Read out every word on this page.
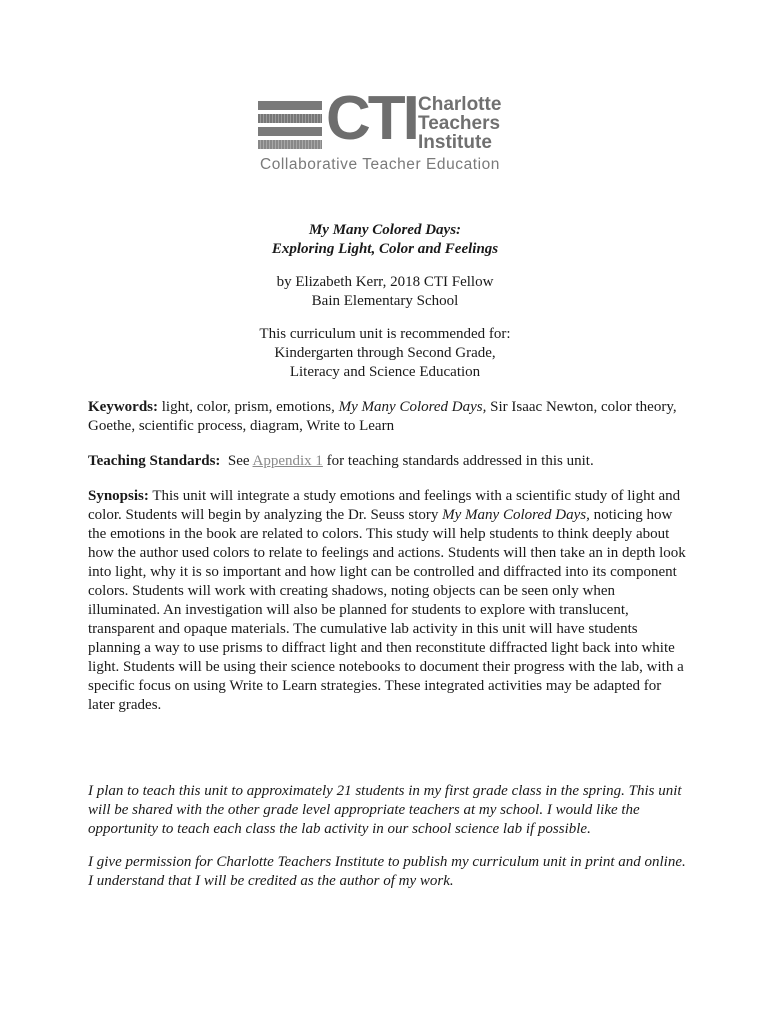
CTI Charlotte
Teachers
Institute
Collaborative Teacher Education
My Many Colored Days:
Exploring Light, Color and Feelings
by Elizabeth Kerr, 2018 CTI Fellow
Bain Elementary School
This curriculum unit is recommended for:
Kindergarten through Second Grade,
Literacy and Science Education
Keywords: light, color, prism, emotions, My Many Colored Days, Sir Isaac Newton, color theory, Goethe, scientific process, diagram, Write to Learn
Teaching Standards:  See Appendix 1 for teaching standards addressed in this unit.
Synopsis: This unit will integrate a study emotions and feelings with a scientific study of light and color. Students will begin by analyzing the Dr. Seuss story My Many Colored Days, noticing how the emotions in the book are related to colors. This study will help students to think deeply about how the author used colors to relate to feelings and actions. Students will then take an in depth look into light, why it is so important and how light can be controlled and diffracted into its component colors. Students will work with creating shadows, noting objects can be seen only when illuminated. An investigation will also be planned for students to explore with translucent, transparent and opaque materials. The cumulative lab activity in this unit will have students planning a way to use prisms to diffract light and then reconstitute diffracted light back into white light. Students will be using their science notebooks to document their progress with the lab, with a specific focus on using Write to Learn strategies. These integrated activities may be adapted for later grades.
I plan to teach this unit to approximately 21 students in my first grade class in the spring. This unit will be shared with the other grade level appropriate teachers at my school. I would like the opportunity to teach each class the lab activity in our school science lab if possible.
I give permission for Charlotte Teachers Institute to publish my curriculum unit in print and online. I understand that I will be credited as the author of my work.
